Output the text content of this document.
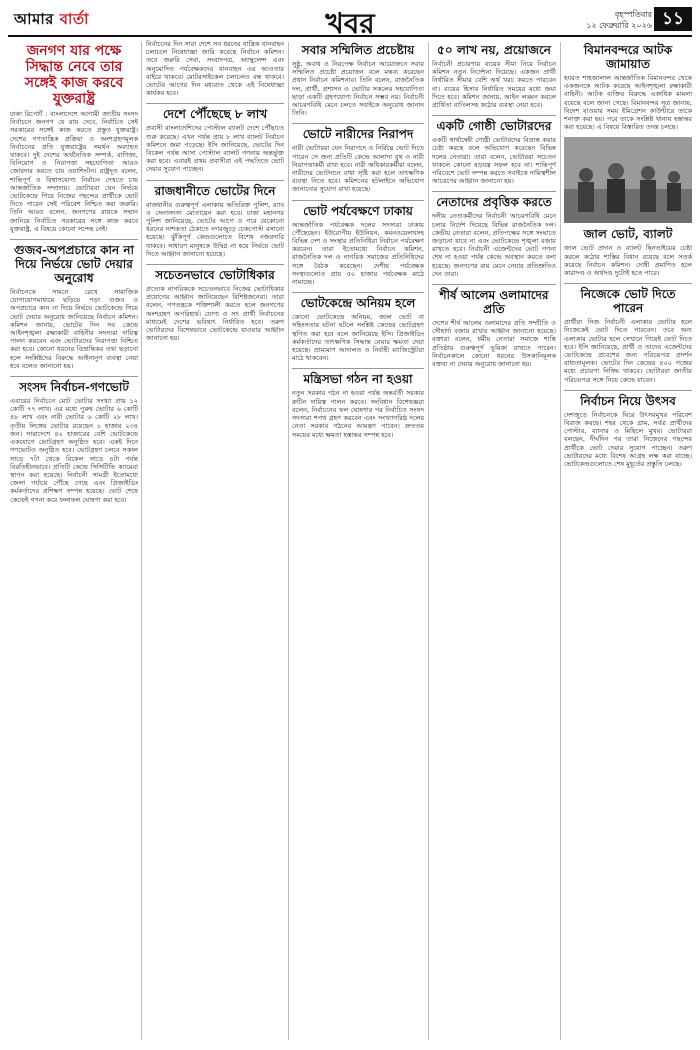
আমার বার্তা	খবর	বৃহস্পতিবার
১২ ফেব্রুয়ারি ২০২৬ ১১
জনগণ যার পক্ষে সিদ্ধান্ত নেবে তার সঙ্গেই কাজ করবে যুক্তরাষ্ট্র
ঢাকা রিপোর্ট : বাংলাদেশে আগামী জাতীয় সংসদ নির্বাচনে জনগণ যে রায় দেবে, নির্বাচিত সেই সরকারের সঙ্গেই কাজ করতে প্রস্তুত যুক্তরাষ্ট্র। দেশের গণতান্ত্রিক প্রক্রিয়া ও অংশগ্রহণমূলক নির্বাচনের প্রতি যুক্তরাষ্ট্রের সমর্থন অব্যাহত থাকবে। দুই দেশের অর্থনৈতিক সম্পর্ক, বাণিজ্য, বিনিয়োগ ও নিরাপত্তা সহযোগিতা আরও জোরদার করতে চায় ওয়াশিংটন। রাষ্ট্রদূত বলেন, শান্তিপূর্ণ ও বিশ্বাসযোগ্য নির্বাচন দেখতে চায় আন্তর্জাতিক সম্প্রদায়। ভোটাররা যেন নির্ভয়ে ভোটকেন্দ্রে গিয়ে নিজের পছন্দের প্রার্থীকে ভোট দিতে পারেন সেই পরিবেশ নিশ্চিত করা জরুরি। তিনি আরও বলেন, জনগণের রায়কে সম্মান জানিয়ে নির্বাচিত সরকারের সঙ্গে কাজ করবে যুক্তরাষ্ট্র, এ বিষয়ে কোনো সন্দেহ নেই।
গুজব-অপপ্রচারে কান না দিয়ে নির্ভয়ে ভোট দেয়ার অনুরোধ
নির্বাচনকে সামনে রেখে সামাজিক যোগাযোগমাধ্যমে ছড়িয়ে পড়া গুজব ও অপপ্রচারে কান না দিয়ে নির্ভয়ে ভোটকেন্দ্রে গিয়ে ভোট দেয়ার অনুরোধ জানিয়েছে নির্বাচন কমিশন। কমিশন জানায়, ভোটের দিন সব কেন্দ্রে আইনশৃঙ্খলা রক্ষাকারী বাহিনীর সদস্যরা দায়িত্ব পালন করবেন এবং ভোটারদের নিরাপত্তা নিশ্চিত করা হবে। কোনো ধরনের বিভ্রান্তিকর তথ্য ছড়ানো হলে সংশ্লিষ্টদের বিরুদ্ধে আইনানুগ ব্যবস্থা নেয়া হবে বলেও জানানো হয়।
সংসদ নির্বাচন-গণভোট
এবারের নির্বাচনে মোট ভোটার সংখ্যা প্রায় ১২ কোটি ৭৭ লাখ। এর মধ্যে পুরুষ ভোটার ৬ কোটি ৪৮ লাখ এবং নারী ভোটার ৬ কোটি ২৮ লাখ। তৃতীয় লিঙ্গের ভোটার রয়েছেন ১ হাজার ২৩৪ জন। সারাদেশে ৪২ হাজারের বেশি ভোটকেন্দ্রে একযোগে ভোটগ্রহণ অনুষ্ঠিত হবে। একই দিনে গণভোটও অনুষ্ঠিত হবে। ভোটগ্রহণ চলবে সকাল সাড়ে ৭টা থেকে বিকেল সাড়ে ৪টা পর্যন্ত বিরতিহীনভাবে। প্রতিটি কেন্দ্রে সিসিটিভি ক্যামেরা স্থাপন করা হয়েছে। নির্বাচনী সামগ্রী ইতোমধ্যে জেলা পর্যায়ে পৌঁছে গেছে এবং প্রিজাইডিং কর্মকর্তাদের প্রশিক্ষণ সম্পন্ন হয়েছে। ভোট শেষে কেন্দ্রেই গণনা করে ফলাফল ঘোষণা করা হবে।
নির্বাচনের দিন সারা দেশে সব ধরনের যান্ত্রিক যানবাহন চলাচলে নিষেধাজ্ঞা জারি করেছে নির্বাচন কমিশন। তবে জরুরি সেবা, সংবাদপত্র, অ্যাম্বুলেন্স এবং অনুমোদিত পর্যবেক্ষকদের যানবাহন এর আওতার বাইরে থাকবে। মোটরসাইকেল চলাচলও বন্ধ থাকবে। ভোটের আগের দিন মধ্যরাত থেকে এই নিষেধাজ্ঞা কার্যকর হবে।
দেশে পৌঁছেছে ৮ লাখ
প্রবাসী বাংলাদেশিদের পোস্টাল ব্যালট দেশে পৌঁছাতে শুরু করেছে। এখন পর্যন্ত প্রায় ৮ লাখ ব্যালট নির্বাচন কমিশনে জমা পড়েছে। ইসি জানিয়েছে, ভোটের দিন বিকেল পর্যন্ত আসা পোস্টাল ব্যালট গণনায় অন্তর্ভুক্ত করা হবে। এবারই প্রথম প্রবাসীরা এই পদ্ধতিতে ভোট দেয়ার সুযোগ পাচ্ছেন।
রাজধানীতে ভোটের দিনে
রাজধানীর গুরুত্বপূর্ণ এলাকায় অতিরিক্ত পুলিশ, র‍্যাব ও সেনাসদস্য মোতায়েন করা হবে। ঢাকা মহানগর পুলিশ জানিয়েছে, ভোটের আগে ও পরে যেকোনো ধরনের নাশকতা ঠেকাতে নগরজুড়ে চেকপোস্ট বসানো হয়েছে। ঝুঁকিপূর্ণ কেন্দ্রগুলোতে বিশেষ নজরদারি থাকবে। সাধারণ মানুষকে উদ্বিগ্ন না হয়ে নির্ভয়ে ভোট দিতে আহ্বান জানানো হয়েছে।
সচেতনভাবে ভোটাধিকার
প্রত্যেক নাগরিককে সচেতনভাবে নিজের ভোটাধিকার প্রয়োগের আহ্বান জানিয়েছেন বিশিষ্টজনেরা। তারা বলেন, গণতন্ত্রকে শক্তিশালী করতে হলে জনগণের অংশগ্রহণ অপরিহার্য। যোগ্য ও সৎ প্রার্থী নির্বাচনের মাধ্যমেই দেশের ভবিষ্যৎ নির্ধারিত হবে। তরুণ ভোটারদের বিশেষভাবে ভোটকেন্দ্রে যাওয়ার আহ্বান জানানো হয়।
সবার সম্মিলিত প্রচেষ্টায়
সুষ্ঠু, অবাধ ও নিরপেক্ষ নির্বাচন আয়োজনে সবার সম্মিলিত প্রচেষ্টা প্রয়োজন বলে মন্তব্য করেছেন প্রধান নির্বাচন কমিশনার। তিনি বলেন, রাজনৈতিক দল, প্রার্থী, প্রশাসন ও ভোটার সকলের সহযোগিতা ছাড়া একটি গ্রহণযোগ্য নির্বাচন সম্ভব নয়। নির্বাচনী আচরণবিধি মেনে চলতে সবাইকে অনুরোধ জানান তিনি।
ভোটে নারীদের নিরাপদ
নারী ভোটাররা যেন নিরাপদে ও নির্বিঘ্নে ভোট দিতে পারেন সে জন্য প্রতিটি কেন্দ্রে আলাদা বুথ ও নারী নিরাপত্তাকর্মী রাখা হবে। নারী অধিকারকর্মীরা বলেন, নারীদের ভোটদানে বাধা সৃষ্টি করা হলে তাৎক্ষণিক ব্যবস্থা নিতে হবে। কমিশনের হটলাইনে অভিযোগ জানানোর সুযোগ রাখা হয়েছে।
ভোট পর্যবেক্ষণে ঢাকায়
আন্তর্জাতিক পর্যবেক্ষক দলের সদস্যরা ঢাকায় পৌঁছেছেন। ইউরোপীয় ইউনিয়ন, কমনওয়েলথসহ বিভিন্ন দেশ ও সংস্থার প্রতিনিধিরা নির্বাচন পর্যবেক্ষণ করবেন। তারা ইতোমধ্যে নির্বাচন কমিশন, রাজনৈতিক দল ও নাগরিক সমাজের প্রতিনিধিদের সঙ্গে বৈঠক করেছেন। দেশীয় পর্যবেক্ষক সংস্থাগুলোও প্রায় ৫০ হাজার পর্যবেক্ষক মাঠে নামাচ্ছে।
ভোটকেন্দ্রে অনিয়ম হলে
কোনো ভোটকেন্দ্রে অনিয়ম, জাল ভোট বা সহিংসতার ঘটনা ঘটলে সংশ্লিষ্ট কেন্দ্রের ভোটগ্রহণ স্থগিত করা হবে বলে জানিয়েছে ইসি। প্রিজাইডিং কর্মকর্তাদের তাৎক্ষণিক সিদ্ধান্ত নেয়ার ক্ষমতা দেয়া হয়েছে। ভ্রাম্যমাণ আদালত ও নির্বাহী ম্যাজিস্ট্রেটরা মাঠে থাকবেন।
মন্ত্রিসভা গঠন না হওয়া
নতুন সরকার গঠন না হওয়া পর্যন্ত অন্তর্বর্তী সরকার রুটিন দায়িত্ব পালন করবে। সংবিধান বিশেষজ্ঞরা বলেন, নির্বাচনের ফল ঘোষণার পর নির্বাচিত সংসদ সদস্যরা শপথ গ্রহণ করবেন এবং সংখ্যাগরিষ্ঠ দলের নেতা সরকার গঠনের আমন্ত্রণ পাবেন। দ্রুততম সময়ের মধ্যে ক্ষমতা হস্তান্তর সম্পন্ন হবে।
৫০ লাখ নয়, প্রয়োজনে
নির্বাচনী প্রচারণায় ব্যয়ের সীমা নিয়ে নির্বাচন কমিশন নতুন নির্দেশনা দিয়েছে। একজন প্রার্থী নির্ধারিত সীমার বেশি অর্থ খরচ করতে পারবেন না। ব্যয়ের হিসাব নির্ধারিত সময়ের মধ্যে জমা দিতে হবে। কমিশন জানায়, আইন লঙ্ঘন করলে প্রার্থিতা বাতিলসহ কঠোর ব্যবস্থা নেয়া হবে।
একটি গোষ্ঠী ভোটারদের
একটি স্বার্থান্বেষী গোষ্ঠী ভোটারদের বিভ্রান্ত করার চেষ্টা করছে বলে অভিযোগ করেছেন বিভিন্ন দলের নেতারা। তারা বলেন, ভোটাররা সচেতন থাকলে কোনো ষড়যন্ত্র সফল হবে না। শান্তিপূর্ণ পরিবেশে ভোট সম্পন্ন করতে সবাইকে দায়িত্বশীল আচরণের আহ্বান জানানো হয়।
নেতাদের প্রবৃত্তিক করতে
দলীয় নেতাকর্মীদের নির্বাচনী আচরণবিধি মেনে চলার নির্দেশ দিয়েছে বিভিন্ন রাজনৈতিক দল। কেন্দ্রীয় নেতারা বলেন, প্রতিপক্ষের সঙ্গে সংঘাতে জড়ানো যাবে না এবং ভোটকেন্দ্রে শৃঙ্খলা বজায় রাখতে হবে। নির্বাচনী এজেন্টদের ভোট গণনা শেষ না হওয়া পর্যন্ত কেন্দ্রে অবস্থান করতে বলা হয়েছে। জনগণের রায় মেনে নেয়ার প্রতিশ্রুতিও দেন তারা।
শীর্ষ আলেম ওলামাদের প্রতি
দেশের শীর্ষ আলেম ওলামাদের প্রতি সম্প্রীতি ও সৌহার্দ্য বজায় রাখার আহ্বান জানানো হয়েছে। বক্তারা বলেন, ধর্মীয় নেতারা সমাজে শান্তি প্রতিষ্ঠায় গুরুত্বপূর্ণ ভূমিকা রাখতে পারেন। নির্বাচনকালে কোনো ধরনের উসকানিমূলক বক্তব্য না দেয়ার অনুরোধ জানানো হয়।
বিমানবন্দরে আটক জামায়াত
হযরত শাহজালাল আন্তর্জাতিক বিমানবন্দর থেকে একজনকে আটক করেছে আইনশৃঙ্খলা রক্ষাকারী বাহিনী। আটক ব্যক্তির বিরুদ্ধে একাধিক মামলা রয়েছে বলে জানা গেছে। বিমানবন্দর সূত্র জানায়, বিদেশ যাওয়ার সময় ইমিগ্রেশন কাউন্টারে তাকে শনাক্ত করা হয়। পরে তাকে সংশ্লিষ্ট থানায় হস্তান্তর করা হয়েছে। এ বিষয়ে বিস্তারিত তদন্ত চলছে।
জাল ভোট, ব্যালট
জাল ভোট প্রদান ও ব্যালট ছিনতাইয়ের চেষ্টা করলে কঠোর শাস্তির বিধান রয়েছে বলে সতর্ক করেছে নির্বাচন কমিশন। দোষী প্রমাণিত হলে কারাদণ্ড ও অর্থদণ্ড দুটোই হতে পারে।
নিজেকে ভোট দিতে পারেন
প্রার্থীরা নিজ নির্বাচনী এলাকার ভোটার হলে নিজেকেই ভোট দিতে পারবেন। তবে অন্য এলাকার ভোটার হলে সেখানে গিয়েই ভোট দিতে হবে। ইসি জানিয়েছে, প্রার্থী ও তাদের এজেন্টদের ভোটকেন্দ্রে প্রবেশের জন্য পরিচয়পত্র প্রদর্শন বাধ্যতামূলক। ভোটের দিন কেন্দ্রের ৪০০ গজের মধ্যে প্রচারণা নিষিদ্ধ থাকবে। ভোটাররা জাতীয় পরিচয়পত্র সঙ্গে নিয়ে কেন্দ্রে যাবেন।
নির্বাচন নিয়ে উৎসব
দেশজুড়ে নির্বাচনকে ঘিরে উৎসবমুখর পরিবেশ বিরাজ করছে। শহর থেকে গ্রাম, সর্বত্র প্রার্থীদের পোস্টার, ব্যানার ও মিছিলে মুখর। ভোটাররা বলছেন, দীর্ঘদিন পর তারা নিজেদের পছন্দের প্রার্থীকে ভোট দেয়ার সুযোগ পাচ্ছেন। তরুণ ভোটারদের মধ্যে বিশেষ আগ্রহ লক্ষ করা যাচ্ছে। ভোটকেন্দ্রগুলোতে শেষ মুহূর্তের প্রস্তুতি চলছে।
